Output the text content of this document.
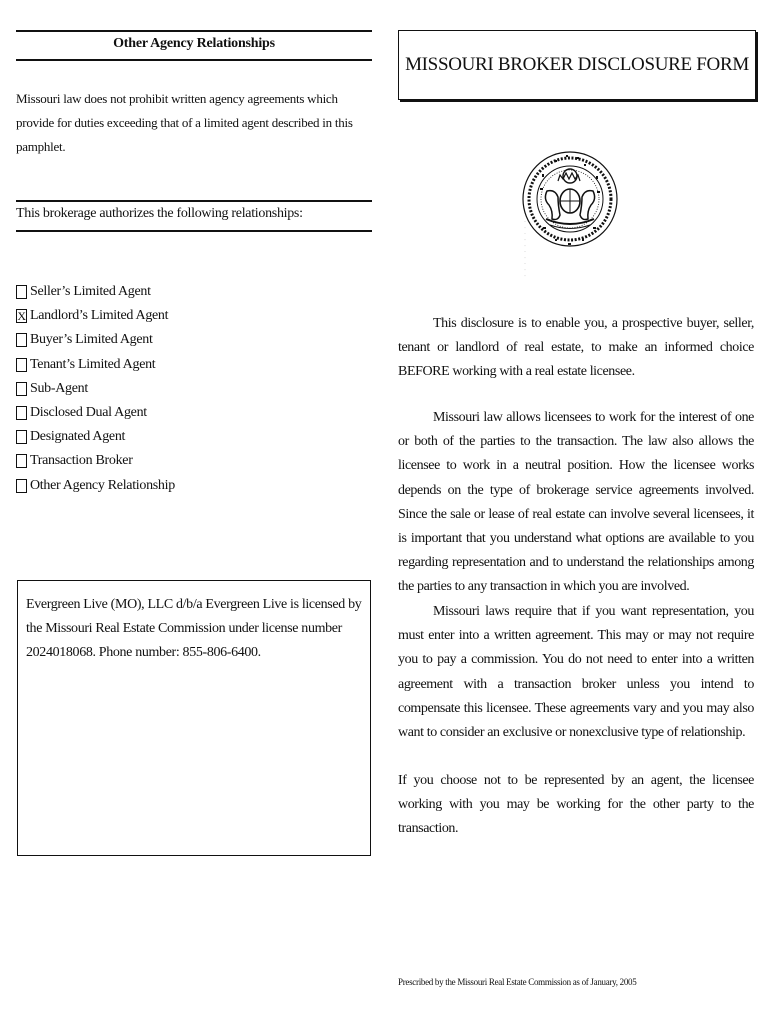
Other Agency Relationships
Missouri law does not prohibit written agency agreements which provide for duties exceeding that of a limited agent described in this pamphlet.
This brokerage authorizes the following relationships:
Seller’s Limited Agent
X Landlord’s Limited Agent
Buyer’s Limited Agent
Tenant’s Limited Agent
Sub-Agent
Disclosed Dual Agent
Designated Agent
Transaction Broker
Other Agency Relationship
Evergreen Live (MO), LLC d/b/a Evergreen Live is licensed by the Missouri Real Estate Commission under license number 2024018068. Phone number: 855-806-6400.
MISSOURI BROKER DISCLOSURE FORM
This disclosure is to enable you, a prospective buyer, seller, tenant or landlord of real estate, to make an informed choice BEFORE working with a real estate licensee.
Missouri law allows licensees to work for the interest of one or both of the parties to the transaction. The law also allows the licensee to work in a neutral position. How the licensee works depends on the type of brokerage service agreements involved. Since the sale or lease of real estate can involve several licensees, it is important that you understand what options are available to you regarding representation and to understand the relationships among the parties to any transaction in which you are involved.
Missouri laws require that if you want representation, you must enter into a written agreement. This may or may not require you to pay a commission. You do not need to enter into a written agreement with a transaction broker unless you intend to compensate this licensee. These agreements vary and you may also want to consider an exclusive or nonexclusive type of relationship.
If you choose not to be represented by an agent, the licensee working with you may be working for the other party to the transaction.
Prescribed by the Missouri Real Estate Commission as of January, 2005
